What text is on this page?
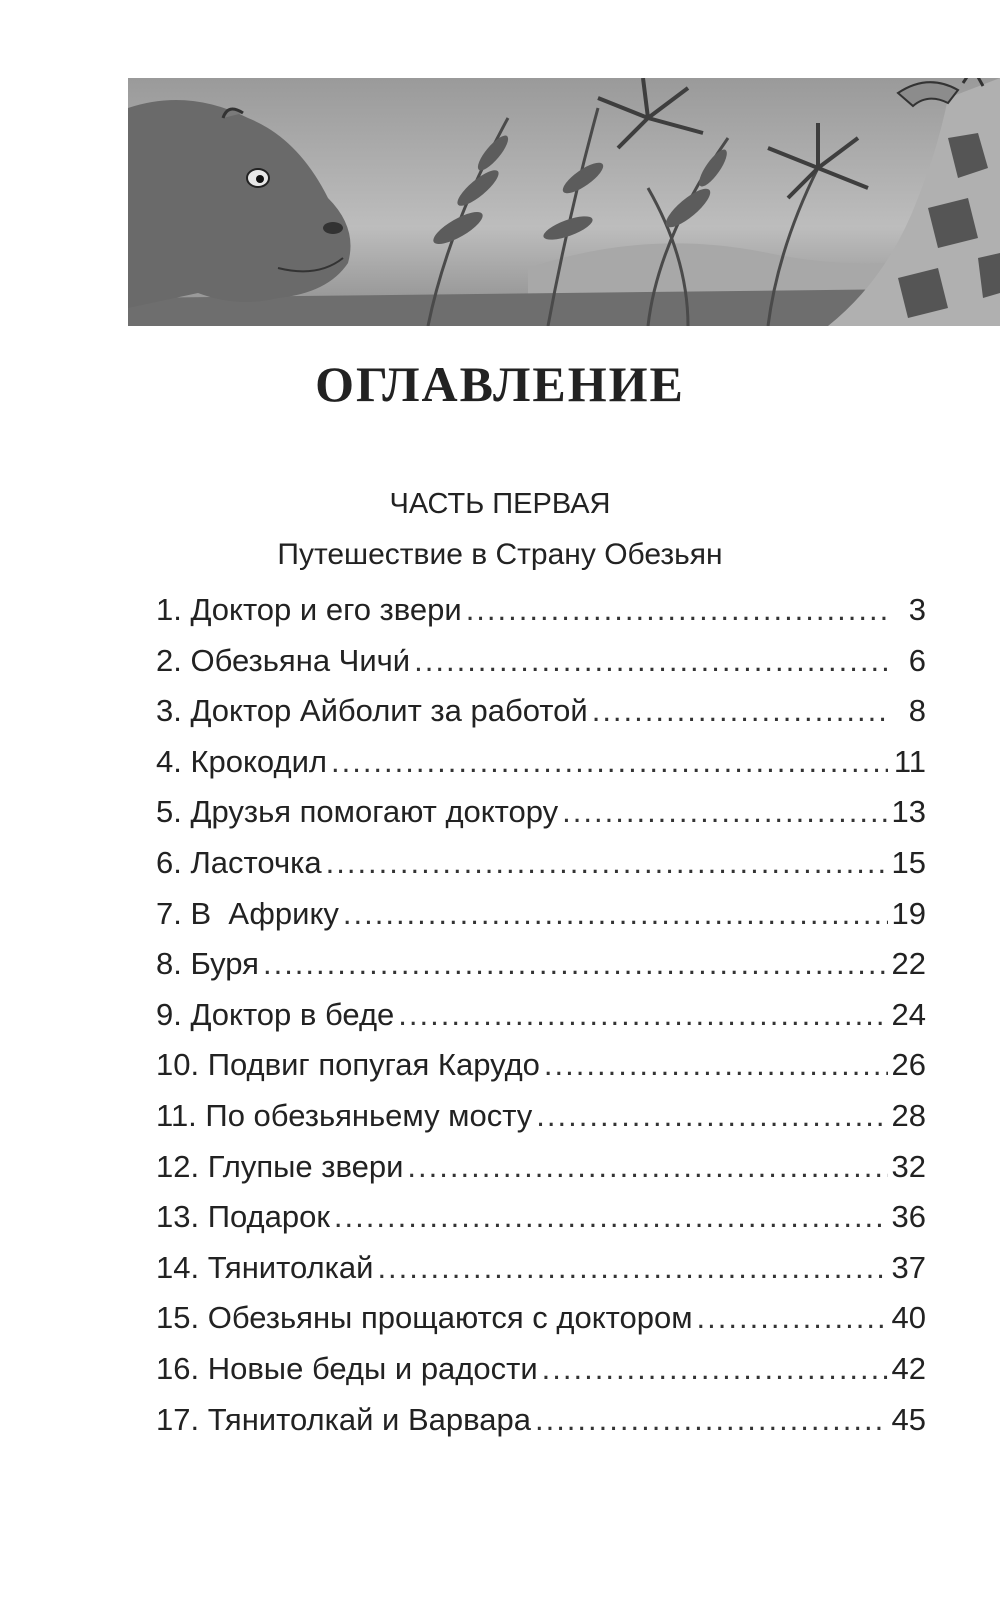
ОГЛАВЛЕНИЕ
ЧАСТЬ ПЕРВАЯ
Путешествие в Страну Обезьян
1. Доктор и его звери .....	3
2. Обезьяна Чичи́ .....	6
3. Доктор Айболит за работой .....	8
4. Крокодил .....	11
5. Друзья помогают доктору .....	13
6. Ласточка .....	15
7. В  Африку .....	19
8. Буря .....	22
9. Доктор в беде .....	24
10. Подвиг попугая Карудо .....	26
11. По обезьяньему мосту .....	28
12. Глупые звери .....	32
13. Подарок .....	36
14. Тянитолкай .....	37
15. Обезьяны прощаются с доктором .....	40
16. Новые беды и радости .....	42
17. Тянитолкай и Варвара .....	45
